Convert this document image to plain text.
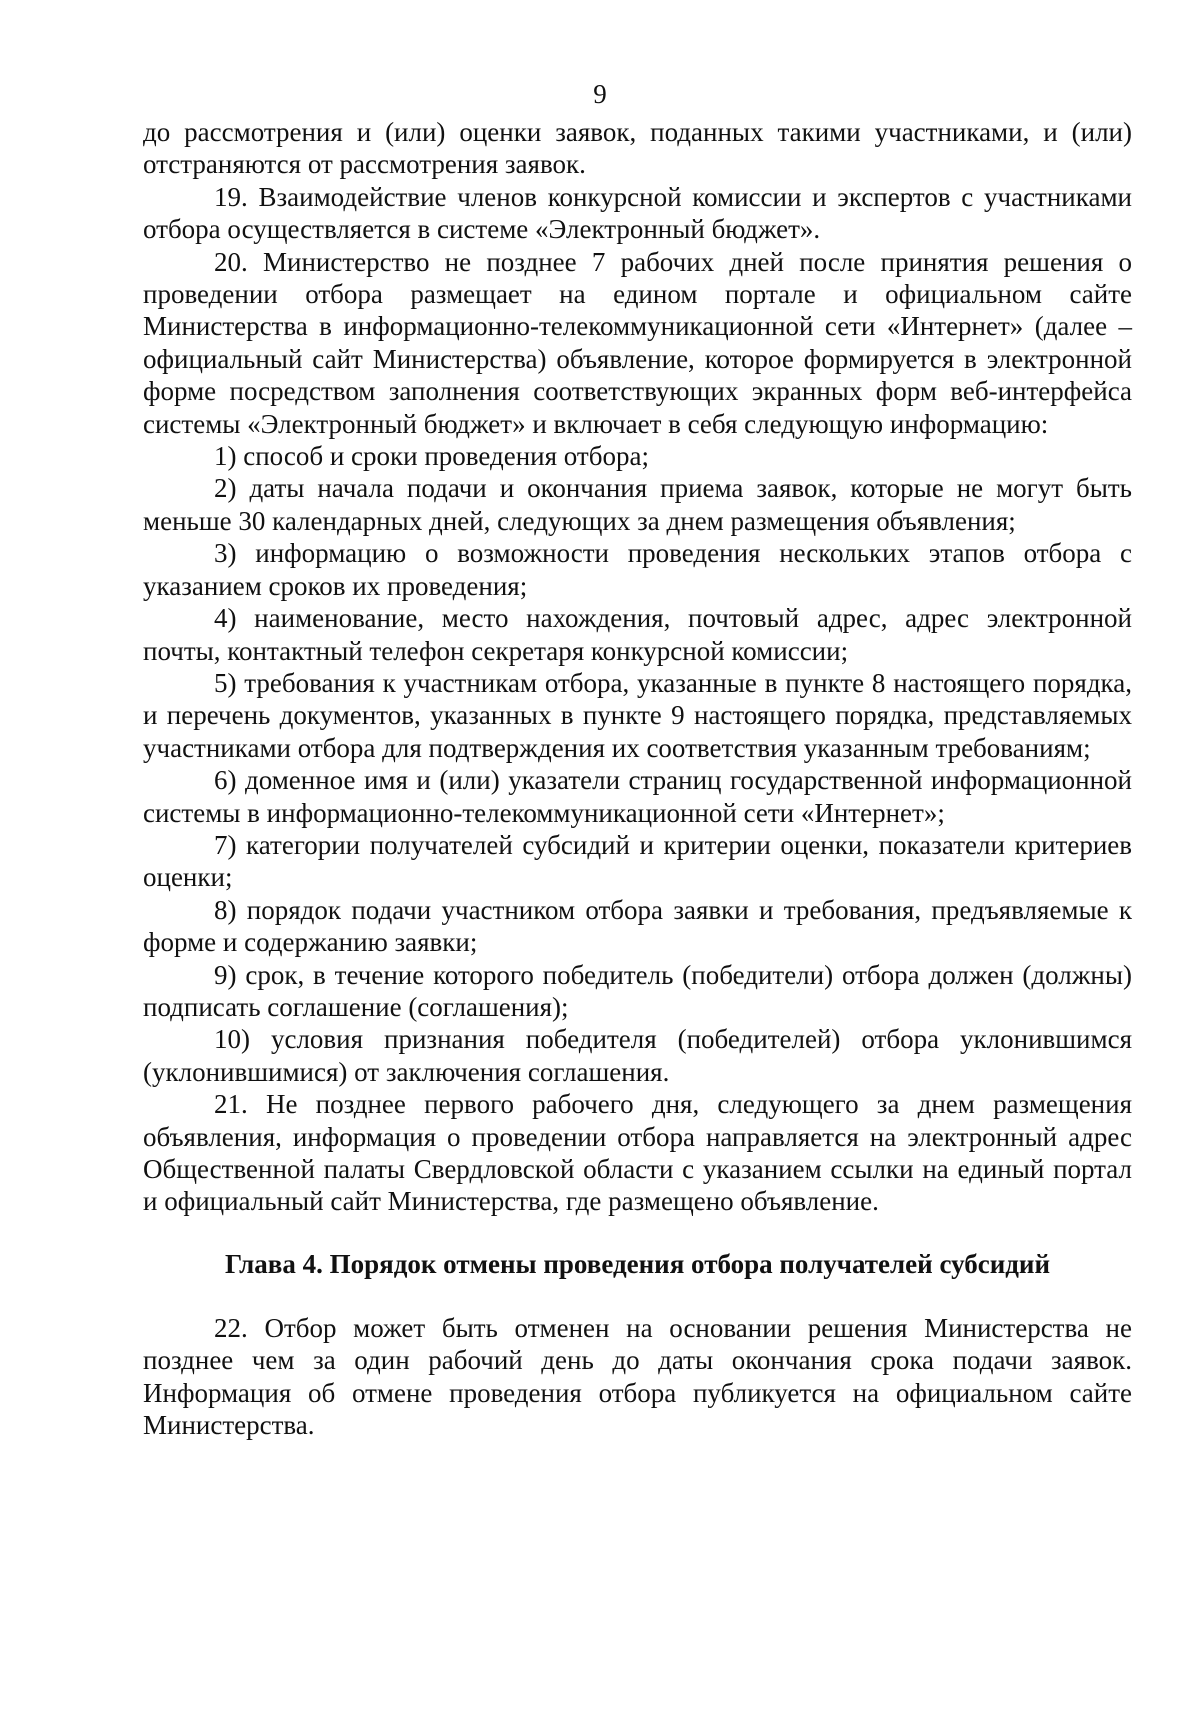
9

до рассмотрения и (или) оценки заявок, поданных такими участниками, и (или) отстраняются от рассмотрения заявок.

19. Взаимодействие членов конкурсной комиссии и экспертов с участниками отбора осуществляется в системе «Электронный бюджет».

20. Министерство не позднее 7 рабочих дней после принятия решения о проведении отбора размещает на едином портале и официальном сайте Министерства в информационно-телекоммуникационной сети «Интернет» (далее – официальный сайт Министерства) объявление, которое формируется в электронной форме посредством заполнения соответствующих экранных форм веб-интерфейса системы «Электронный бюджет» и включает в себя следующую информацию:

1) способ и сроки проведения отбора;

2) даты начала подачи и окончания приема заявок, которые не могут быть меньше 30 календарных дней, следующих за днем размещения объявления;

3) информацию о возможности проведения нескольких этапов отбора с указанием сроков их проведения;

4) наименование, место нахождения, почтовый адрес, адрес электронной почты, контактный телефон секретаря конкурсной комиссии;

5) требования к участникам отбора, указанные в пункте 8 настоящего порядка, и перечень документов, указанных в пункте 9 настоящего порядка, представляемых участниками отбора для подтверждения их соответствия указанным требованиям;

6) доменное имя и (или) указатели страниц государственной информационной системы в информационно-телекоммуникационной сети «Интернет»;

7) категории получателей субсидий и критерии оценки, показатели критериев оценки;

8) порядок подачи участником отбора заявки и требования, предъявляемые к форме и содержанию заявки;

9) срок, в течение которого победитель (победители) отбора должен (должны) подписать соглашение (соглашения);

10) условия признания победителя (победителей) отбора уклонившимся (уклонившимися) от заключения соглашения.

21. Не позднее первого рабочего дня, следующего за днем размещения объявления, информация о проведении отбора направляется на электронный адрес Общественной палаты Свердловской области с указанием ссылки на единый портал и официальный сайт Министерства, где размещено объявление.

Глава 4. Порядок отмены проведения отбора получателей субсидий

22. Отбор может быть отменен на основании решения Министерства не позднее чем за один рабочий день до даты окончания срока подачи заявок. Информация об отмене проведения отбора публикуется на официальном сайте Министерства.
